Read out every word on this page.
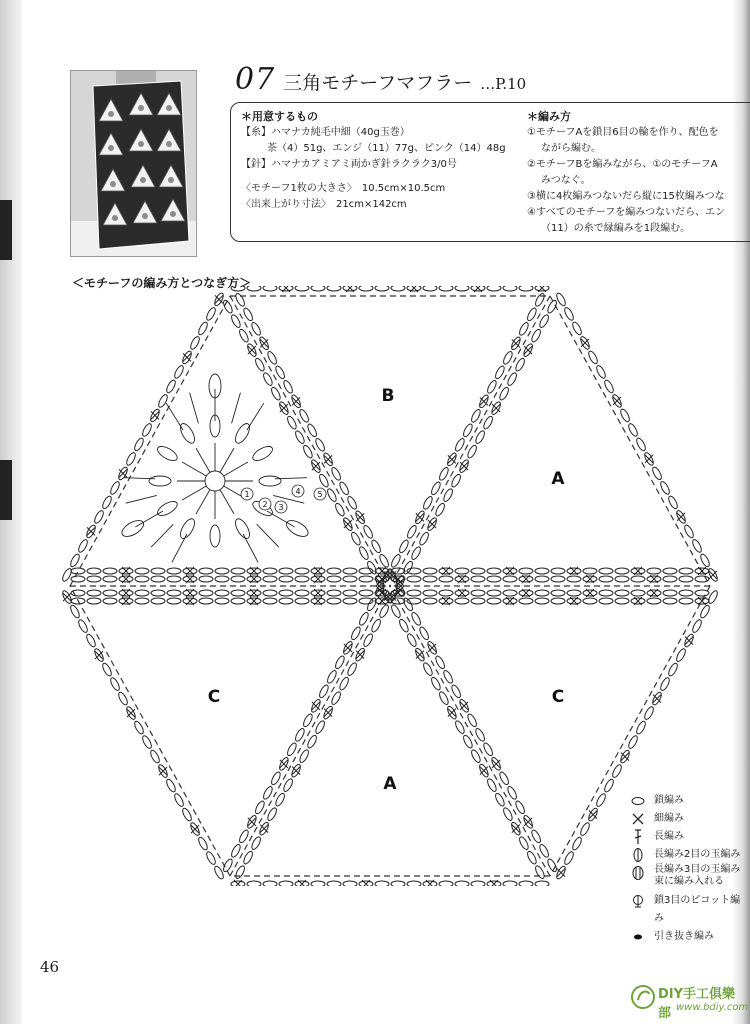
07 三角モチーフマフラー …P.10
＊用意するもの
【糸】ハマナカ純毛中細（40g玉巻）
茶（4）51g、エンジ（11）77g、ピンク（14）48g
【針】ハマナカアミアミ両かぎ針ラクラク3/0号
〈モチーフ1枚の大きさ〉　10.5cm×10.5cm
〈出来上がり寸法〉　21cm×142cm
＊編み方
①モチーフAを鎖目6目の輪を作り、配色を
ながら編む。
②モチーフBを編みながら、①のモチーフA
みつなぐ。
③横に4枚編みつないだら縦に15枚編みつな
④すべてのモチーフを編みつないだら、エン
（11）の糸で縁編みを1段編む。
＜モチーフの編み方とつなぎ方＞
B
A
C	C
A
1
2 3
4 5
鎖編み
細編み
長編み
長編み2目の玉編み
長編み3目の玉編み
束に編み入れる
鎖3目のピコット編み
引き抜き編み
46
DIY手工俱樂部 www.bdiy.com
